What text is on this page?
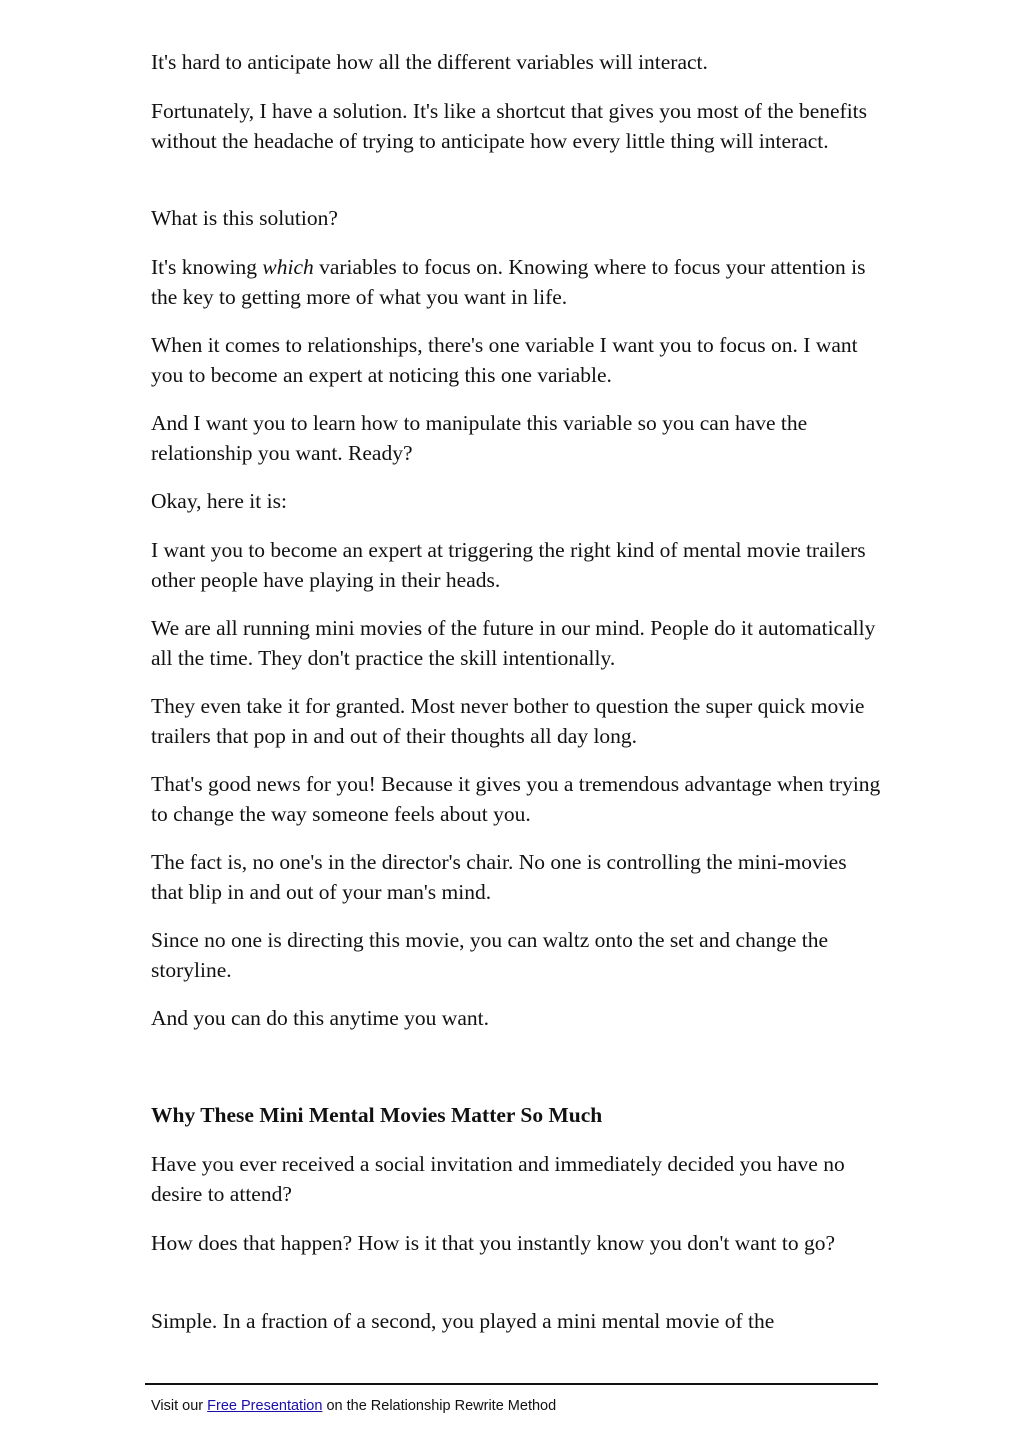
It's hard to anticipate how all the different variables will interact.

Fortunately, I have a solution. It's like a shortcut that gives you most of the benefits without the headache of trying to anticipate how every little thing will interact.

What is this solution?

It's knowing which variables to focus on. Knowing where to focus your attention is the key to getting more of what you want in life.

When it comes to relationships, there's one variable I want you to focus on. I want you to become an expert at noticing this one variable.

And I want you to learn how to manipulate this variable so you can have the relationship you want. Ready?

Okay, here it is:

I want you to become an expert at triggering the right kind of mental movie trailers other people have playing in their heads.

We are all running mini movies of the future in our mind. People do it automatically all the time. They don't practice the skill intentionally.

They even take it for granted. Most never bother to question the super quick movie trailers that pop in and out of their thoughts all day long.

That's good news for you! Because it gives you a tremendous advantage when trying to change the way someone feels about you.

The fact is, no one's in the director's chair. No one is controlling the mini-movies that blip in and out of your man's mind.

Since no one is directing this movie, you can waltz onto the set and change the storyline.

And you can do this anytime you want.

Why These Mini Mental Movies Matter So Much

Have you ever received a social invitation and immediately decided you have no desire to attend?

How does that happen? How is it that you instantly know you don't want to go?

Simple. In a fraction of a second, you played a mini mental movie of the

Visit our Free Presentation on the Relationship Rewrite Method
